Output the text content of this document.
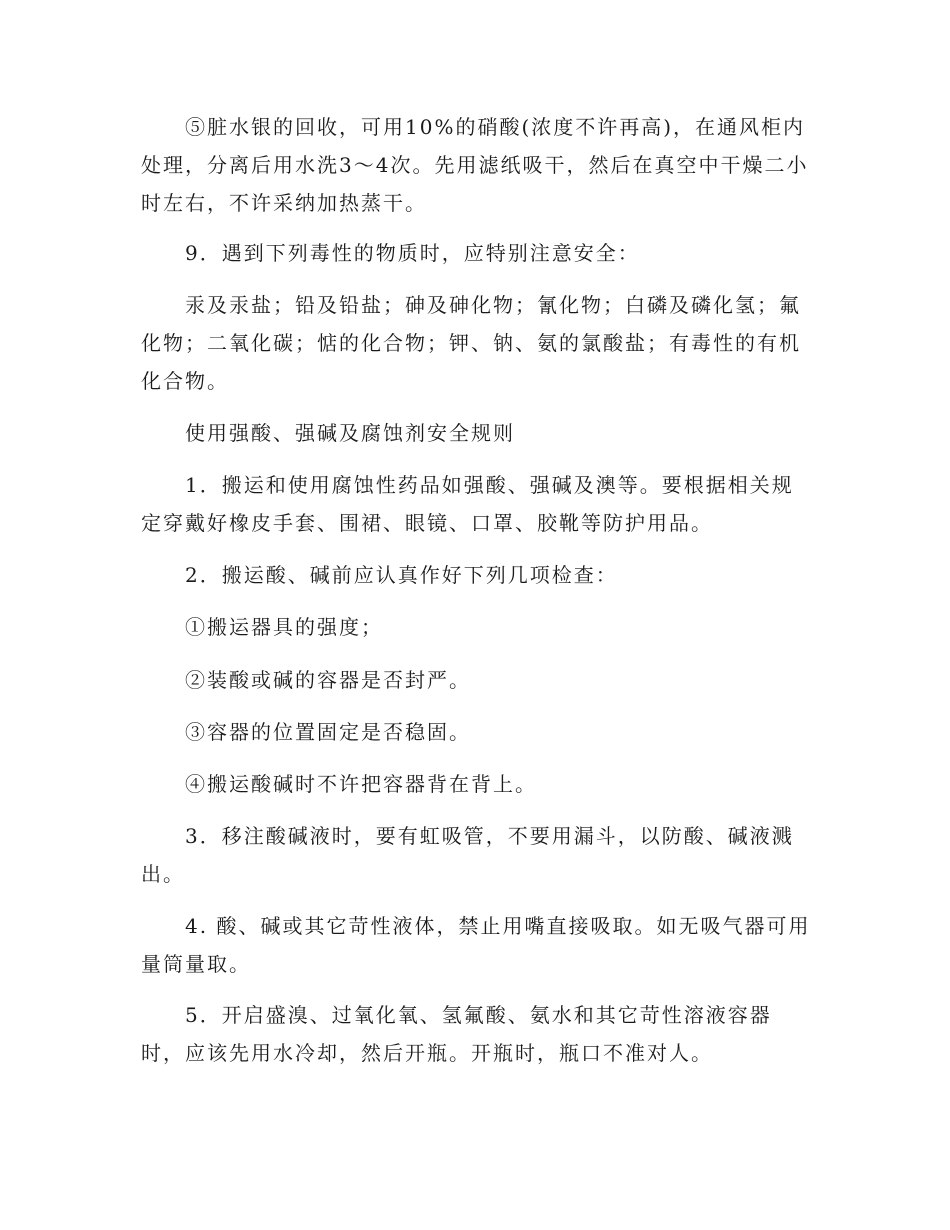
⑤脏水银的回收，可用10%的硝酸(浓度不许再高)，在通风柜内处理，分离后用水洗3～4次。先用滤纸吸干，然后在真空中干燥二小时左右，不许采纳加热蒸干。

9．遇到下列毒性的物质时，应特别注意安全：

汞及汞盐；铅及铅盐；砷及砷化物；氰化物；白磷及磷化氢；氟化物；二氧化碳；惦的化合物；钾、钠、氨的氯酸盐；有毒性的有机化合物。

使用强酸、强碱及腐蚀剂安全规则

1．搬运和使用腐蚀性药品如强酸、强碱及澳等。要根据相关规定穿戴好橡皮手套、围裙、眼镜、口罩、胶靴等防护用品。

2．搬运酸、碱前应认真作好下列几项检查：

①搬运器具的强度；

②装酸或碱的容器是否封严。

③容器的位置固定是否稳固。

④搬运酸碱时不许把容器背在背上。

3．移注酸碱液时，要有虹吸管，不要用漏斗，以防酸、碱液溅出。

4. 酸、碱或其它苛性液体，禁止用嘴直接吸取。如无吸气器可用量筒量取。

5．开启盛溴、过氧化氧、氢氟酸、氨水和其它苛性溶液容器时，应该先用水冷却，然后开瓶。开瓶时，瓶口不准对人。
